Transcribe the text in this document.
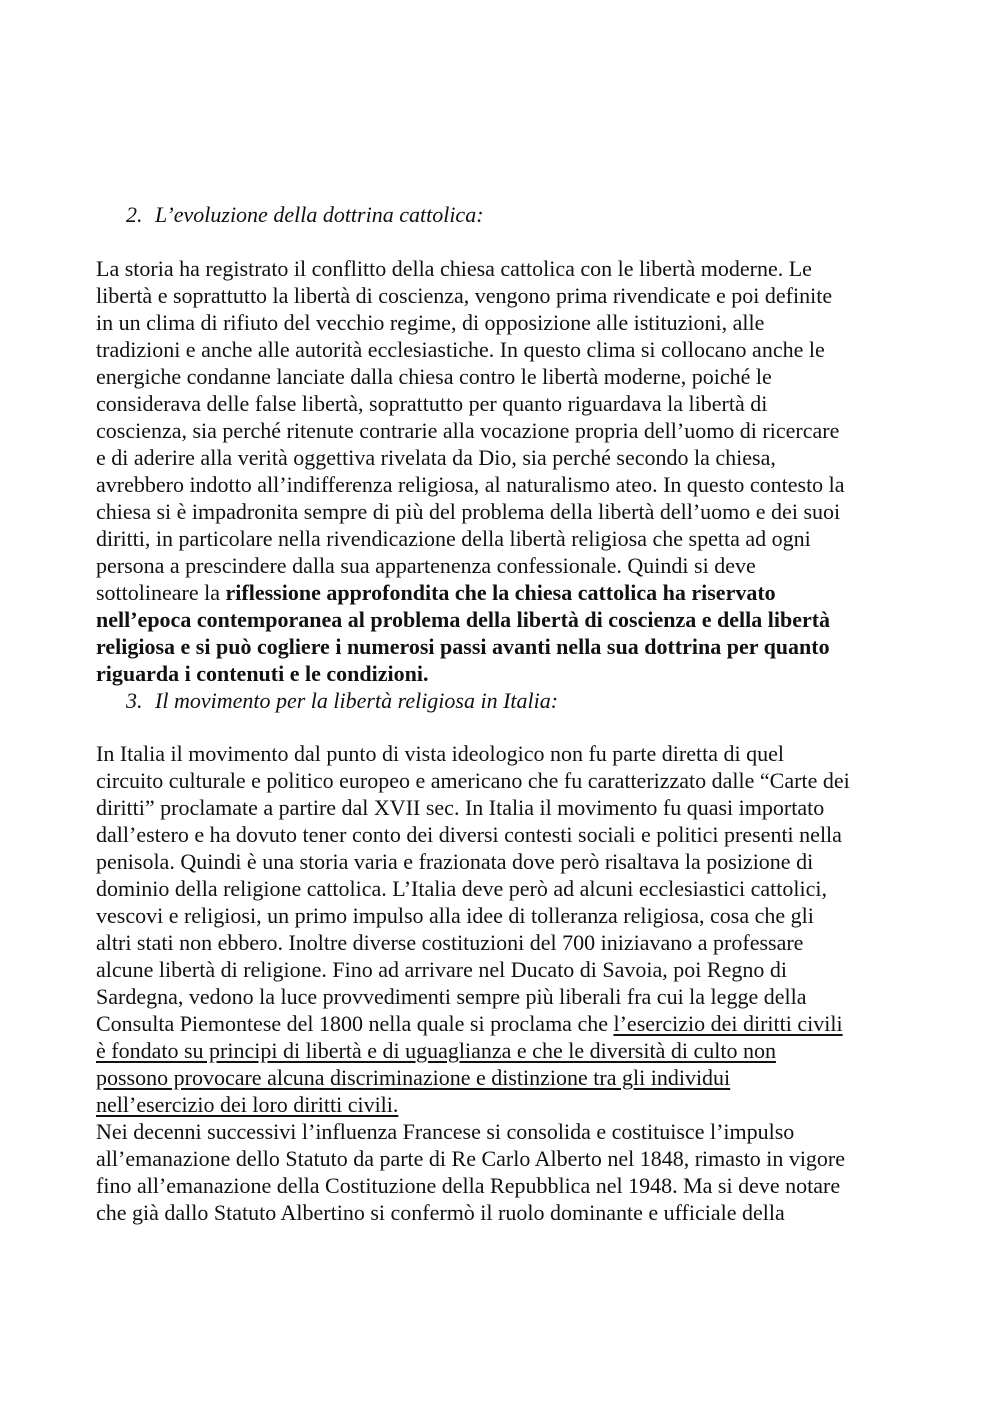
2. L’evoluzione della dottrina cattolica:
La storia ha registrato il conflitto della chiesa cattolica con le libertà moderne. Le
libertà e soprattutto la libertà di coscienza, vengono prima rivendicate e poi definite
in un clima di rifiuto del vecchio regime, di opposizione alle istituzioni, alle
tradizioni e anche alle autorità ecclesiastiche. In questo clima si collocano anche le
energiche condanne lanciate dalla chiesa contro le libertà moderne, poiché le
considerava delle false libertà, soprattutto per quanto riguardava la libertà di
coscienza, sia perché ritenute contrarie alla vocazione propria dell’uomo di ricercare
e di aderire alla verità oggettiva rivelata da Dio, sia perché secondo la chiesa,
avrebbero indotto all’indifferenza religiosa, al naturalismo ateo. In questo contesto la
chiesa si è impadronita sempre di più del problema della libertà dell’uomo e dei suoi
diritti, in particolare nella rivendicazione della libertà religiosa che spetta ad ogni
persona a prescindere dalla sua appartenenza confessionale. Quindi si deve
sottolineare la riflessione approfondita che la chiesa cattolica ha riservato
nell’epoca contemporanea al problema della libertà di coscienza e della libertà
religiosa e si può cogliere i numerosi passi avanti nella sua dottrina per quanto
riguarda i contenuti e le condizioni.
3. Il movimento per la libertà religiosa in Italia:
In Italia il movimento dal punto di vista ideologico non fu parte diretta di quel
circuito culturale e politico europeo e americano che fu caratterizzato dalle “Carte dei
diritti” proclamate a partire dal XVII sec. In Italia il movimento fu quasi importato
dall’estero e ha dovuto tener conto dei diversi contesti sociali e politici presenti nella
penisola. Quindi è una storia varia e frazionata dove però risaltava la posizione di
dominio della religione cattolica. L’Italia deve però ad alcuni ecclesiastici cattolici,
vescovi e religiosi, un primo impulso alla idee di tolleranza religiosa, cosa che gli
altri stati non ebbero. Inoltre diverse costituzioni del 700 iniziavano a professare
alcune libertà di religione. Fino ad arrivare nel Ducato di Savoia, poi Regno di
Sardegna, vedono la luce provvedimenti sempre più liberali fra cui la legge della
Consulta Piemontese del 1800 nella quale si proclama che l’esercizio dei diritti civili
è fondato su principi di libertà e di uguaglianza e che le diversità di culto non
possono provocare alcuna discriminazione e distinzione tra gli individui
nell’esercizio dei loro diritti civili.
Nei decenni successivi l’influenza Francese si consolida e costituisce l’impulso
all’emanazione dello Statuto da parte di Re Carlo Alberto nel 1848, rimasto in vigore
fino all’emanazione della Costituzione della Repubblica nel 1948. Ma si deve notare
che già dallo Statuto Albertino si confermò il ruolo dominante e ufficiale della
